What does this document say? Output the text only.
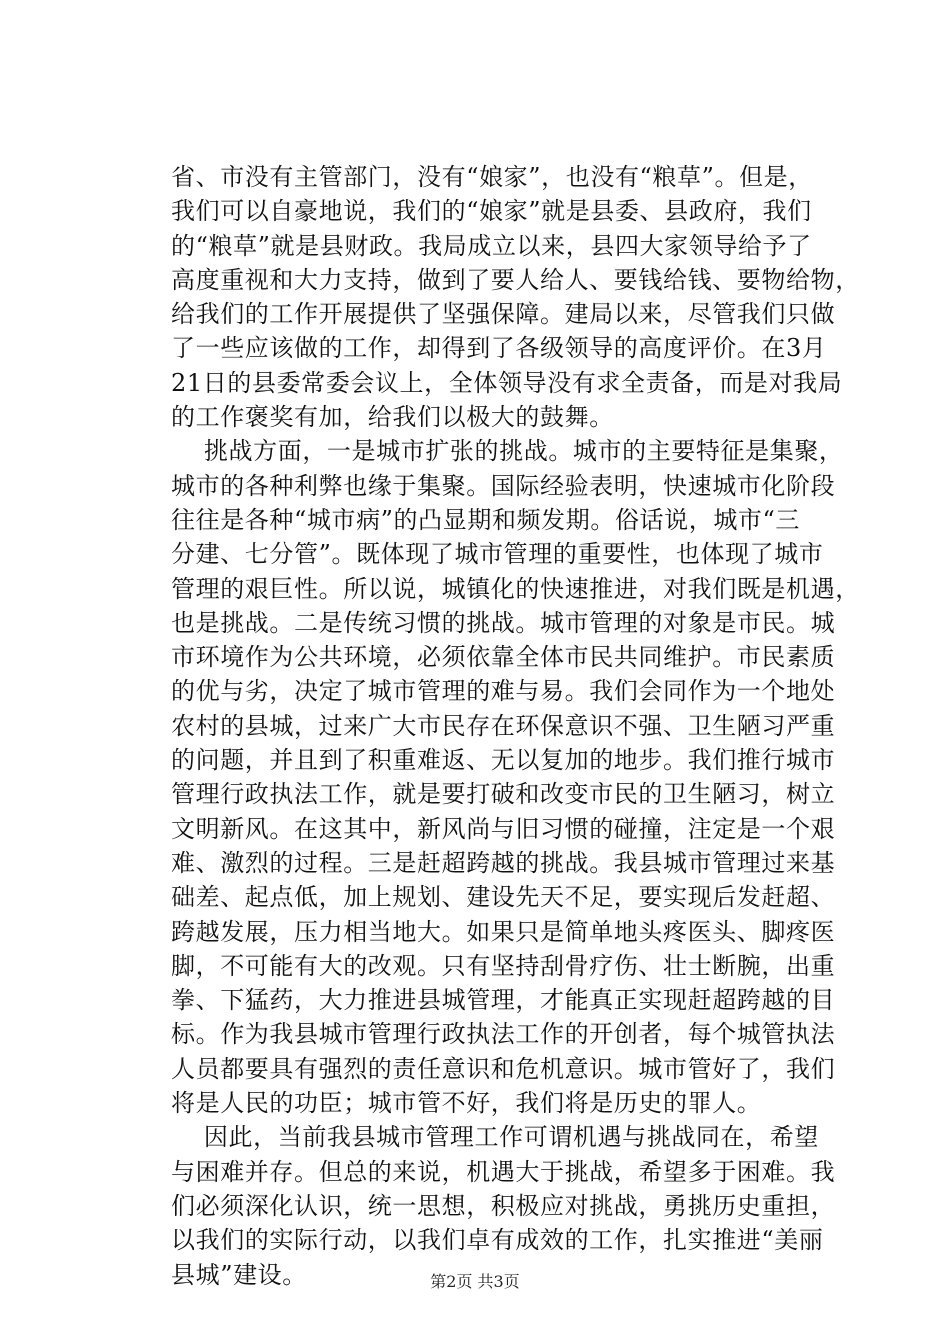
省、市没有主管部门，没有“娘家”，也没有“粮草”。但是，
我们可以自豪地说，我们的“娘家”就是县委、县政府，我们
的“粮草”就是县财政。我局成立以来，县四大家领导给予了
高度重视和大力支持，做到了要人给人、要钱给钱、要物给物，
给我们的工作开展提供了坚强保障。建局以来，尽管我们只做
了一些应该做的工作，却得到了各级领导的高度评价。在3月
21日的县委常委会议上，全体领导没有求全责备，而是对我局
的工作褒奖有加，给我们以极大的鼓舞。
挑战方面，一是城市扩张的挑战。城市的主要特征是集聚，
城市的各种利弊也缘于集聚。国际经验表明，快速城市化阶段
往往是各种“城市病”的凸显期和频发期。俗话说，城市“三
分建、七分管”。既体现了城市管理的重要性，也体现了城市
管理的艰巨性。所以说，城镇化的快速推进，对我们既是机遇，
也是挑战。二是传统习惯的挑战。城市管理的对象是市民。城
市环境作为公共环境，必须依靠全体市民共同维护。市民素质
的优与劣，决定了城市管理的难与易。我们会同作为一个地处
农村的县城，过来广大市民存在环保意识不强、卫生陋习严重
的问题，并且到了积重难返、无以复加的地步。我们推行城市
管理行政执法工作，就是要打破和改变市民的卫生陋习，树立
文明新风。在这其中，新风尚与旧习惯的碰撞，注定是一个艰
难、激烈的过程。三是赶超跨越的挑战。我县城市管理过来基
础差、起点低，加上规划、建设先天不足，要实现后发赶超、
跨越发展，压力相当地大。如果只是简单地头疼医头、脚疼医
脚，不可能有大的改观。只有坚持刮骨疗伤、壮士断腕，出重
拳、下猛药，大力推进县城管理，才能真正实现赶超跨越的目
标。作为我县城市管理行政执法工作的开创者，每个城管执法
人员都要具有强烈的责任意识和危机意识。城市管好了，我们
将是人民的功臣；城市管不好，我们将是历史的罪人。
因此，当前我县城市管理工作可谓机遇与挑战同在，希望
与困难并存。但总的来说，机遇大于挑战，希望多于困难。我
们必须深化认识，统一思想，积极应对挑战，勇挑历史重担，
以我们的实际行动，以我们卓有成效的工作，扎实推进“美丽
县城”建设。	第2页 共3页
